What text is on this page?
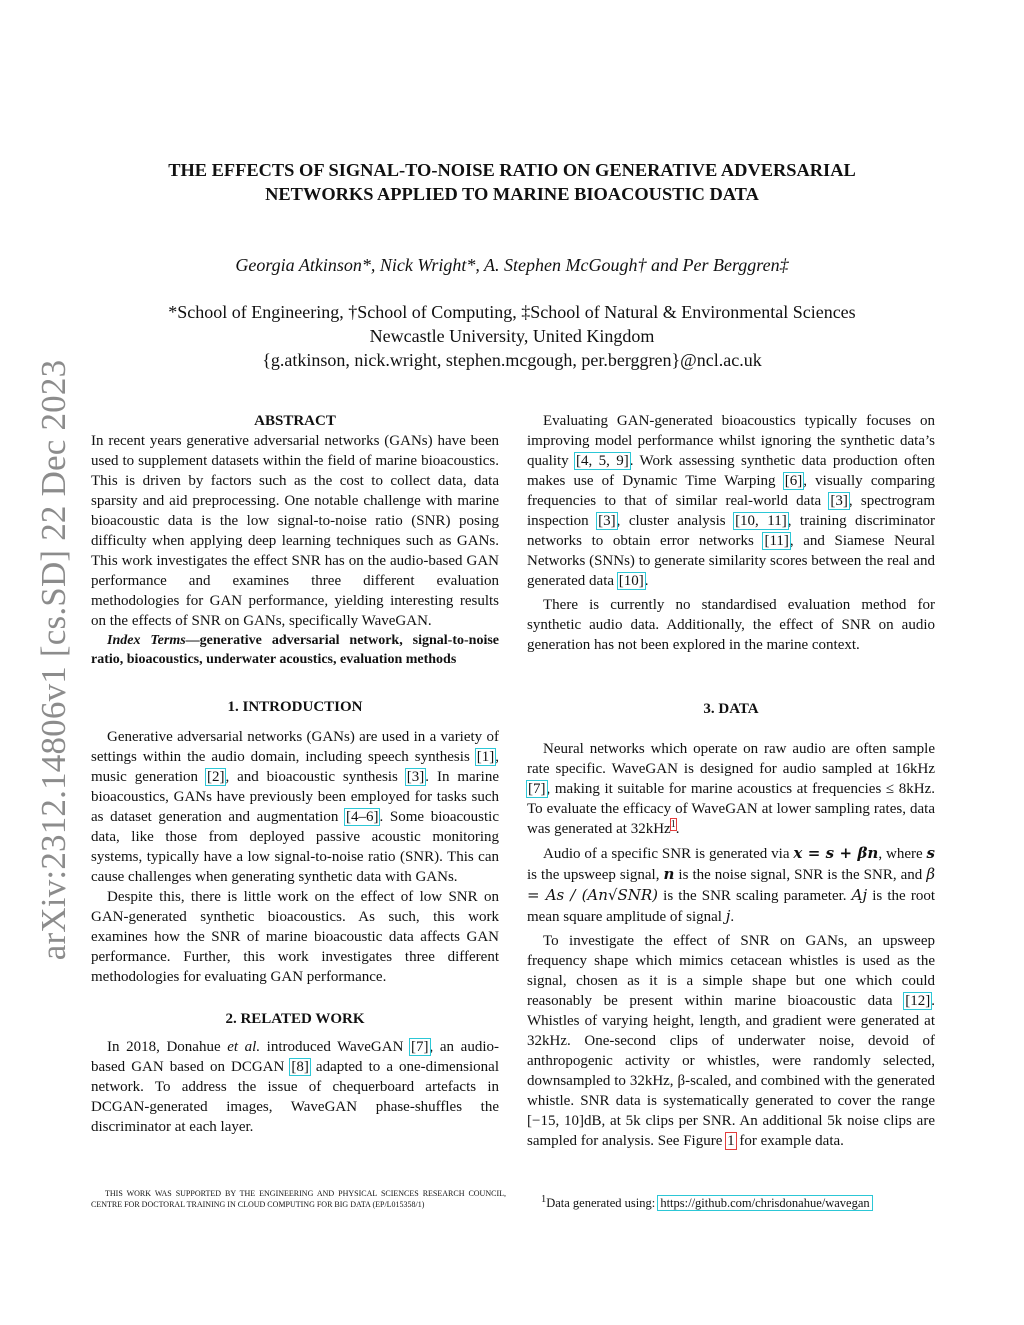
arXiv:2312.14806v1 [cs.SD] 22 Dec 2023
THE EFFECTS OF SIGNAL-TO-NOISE RATIO ON GENERATIVE ADVERSARIAL
NETWORKS APPLIED TO MARINE BIOACOUSTIC DATA
Georgia Atkinson*, Nick Wright*, A. Stephen McGough† and Per Berggren‡
*School of Engineering, †School of Computing, ‡School of Natural & Environmental Sciences
Newcastle University, United Kingdom
{g.atkinson, nick.wright, stephen.mcgough, per.berggren}@ncl.ac.uk
ABSTRACT

In recent years generative adversarial networks (GANs) have been used to supplement datasets within the field of marine bioacoustics. This is driven by factors such as the cost to collect data, data sparsity and aid preprocessing. One notable challenge with marine bioacoustic data is the low signal-to-noise ratio (SNR) posing difficulty when applying deep learning techniques such as GANs. This work investigates the effect SNR has on the audio-based GAN performance and examines three different evaluation methodologies for GAN performance, yielding interesting results on the effects of SNR on GANs, specifically WaveGAN.

Index Terms—generative adversarial network, signal-to-noise ratio, bioacoustics, underwater acoustics, evaluation methods

1. INTRODUCTION

Generative adversarial networks (GANs) are used in a variety of settings within the audio domain, including speech synthesis [1], music generation [2], and bioacoustic synthesis [3]. In marine bioacoustics, GANs have previously been employed for tasks such as dataset generation and augmentation [4–6]. Some bioacoustic data, like those from deployed passive acoustic monitoring systems, typically have a low signal-to-noise ratio (SNR). This can cause challenges when generating synthetic data with GANs.

Despite this, there is little work on the effect of low SNR on GAN-generated synthetic bioacoustics. As such, this work examines how the SNR of marine bioacoustic data affects GAN performance. Further, this work investigates three different methodologies for evaluating GAN performance.

2. RELATED WORK

In 2018, Donahue et al. introduced WaveGAN [7], an audio-based GAN based on DCGAN [8] adapted to a one-dimensional network. To address the issue of chequerboard artefacts in DCGAN-generated images, WaveGAN phase-shuffles the discriminator at each layer.

THIS WORK WAS SUPPORTED BY THE ENGINEERING AND PHYSICAL SCIENCES RESEARCH COUNCIL, CENTRE FOR DOCTORAL TRAINING IN CLOUD COMPUTING FOR BIG DATA (EP/L015358/1)

Evaluating GAN-generated bioacoustics typically focuses on improving model performance whilst ignoring the synthetic data’s quality [4, 5, 9]. Work assessing synthetic data production often makes use of Dynamic Time Warping [6], visually comparing frequencies to that of similar real-world data [3], spectrogram inspection [3], cluster analysis [10, 11], training discriminator networks to obtain error networks [11], and Siamese Neural Networks (SNNs) to generate similarity scores between the real and generated data [10].

There is currently no standardised evaluation method for synthetic audio data. Additionally, the effect of SNR on audio generation has not been explored in the marine context.

3. DATA

Neural networks which operate on raw audio are often sample rate specific. WaveGAN is designed for audio sampled at 16kHz [7], making it suitable for marine acoustics at frequencies ≤ 8kHz. To evaluate the efficacy of WaveGAN at lower sampling rates, data was generated at 32kHz$^1$.

Audio of a specific SNR is generated via x = s + βn, where s is the upsweep signal, n is the noise signal, SNR is the SNR, and β = As / (An√SNR) is the SNR scaling parameter. Aj is the root mean square amplitude of signal j.

To investigate the effect of SNR on GANs, an upsweep frequency shape which mimics cetacean whistles is used as the signal, chosen as it is a simple shape but one which could reasonably be present within marine bioacoustic data [12]. Whistles of varying height, length, and gradient were generated at 32kHz. One-second clips of underwater noise, devoid of anthropogenic activity or whistles, were randomly selected, downsampled to 32kHz, β-scaled, and combined with the generated whistle. SNR data is systematically generated to cover the range [−15, 10]dB, at 5k clips per SNR. An additional 5k noise clips are sampled for analysis. See Figure 1 for example data.

$^1$Data generated using: https://github.com/chrisdonahue/wavegan
